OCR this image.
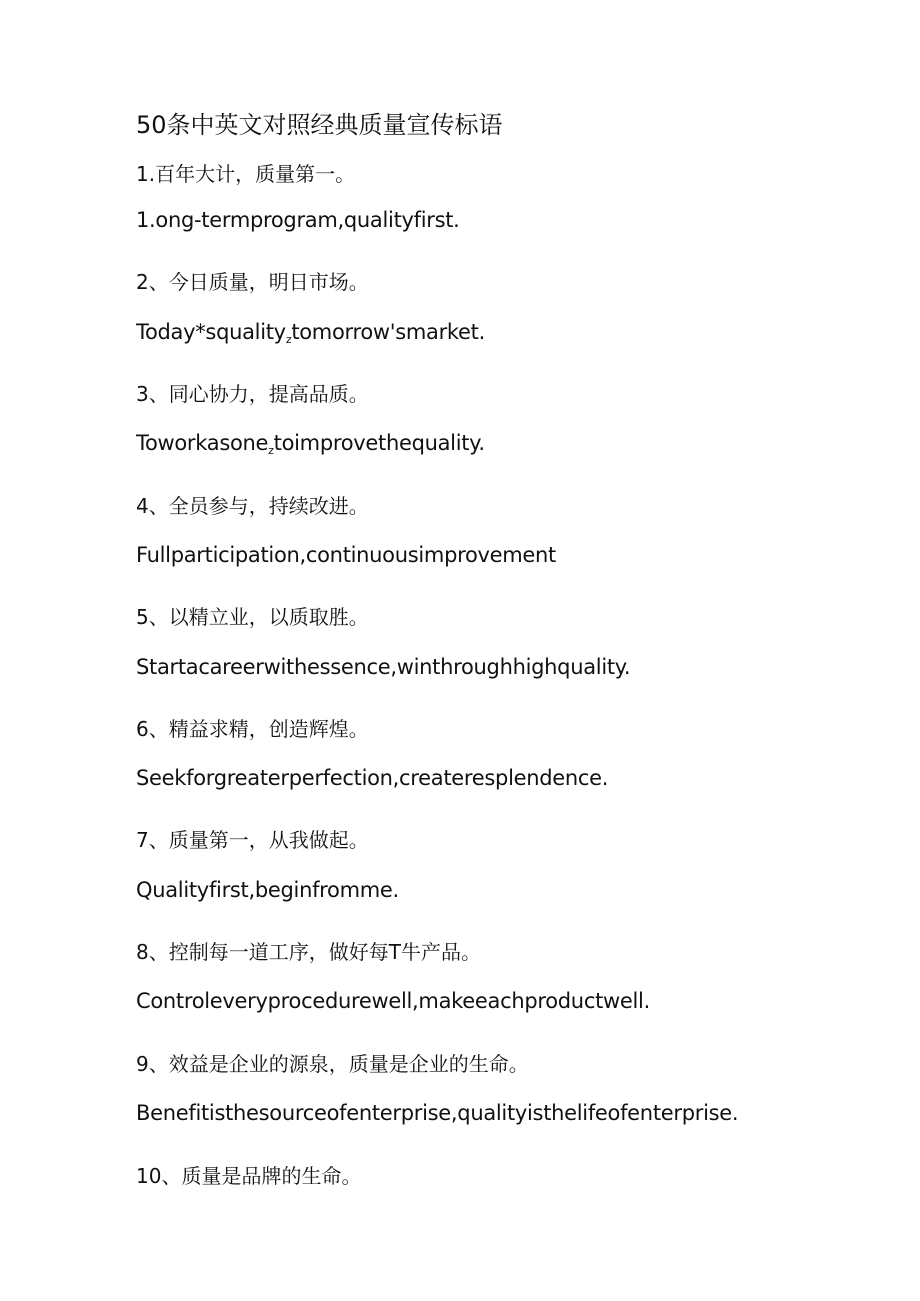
50条中英文对照经典质量宣传标语
1.百年大计，质量第一。
1.ong-termprogram,qualityfirst.
2、今日质量，明日市场。
Today*squality$_z$tomorrow'smarket.
3、同心协力，提高品质。
Toworkasone$_z$toimprovethequality.
4、全员参与，持续改进。
Fullparticipation,continuousimprovement
5、以精立业，以质取胜。
Startacareerwithessence,winthroughhighquality.
6、精益求精，创造辉煌。
Seekforgreaterperfection,createresplendence.
7、质量第一，从我做起。
Qualityfirst,beginfromme.
8、控制每一道工序，做好每T牛产品。
Controleveryprocedurewell,makeeachproductwell.
9、效益是企业的源泉，质量是企业的生命。
Benefitisthesourceofenterprise,qualityisthelifeofenterprise.
10、质量是品牌的生命。
